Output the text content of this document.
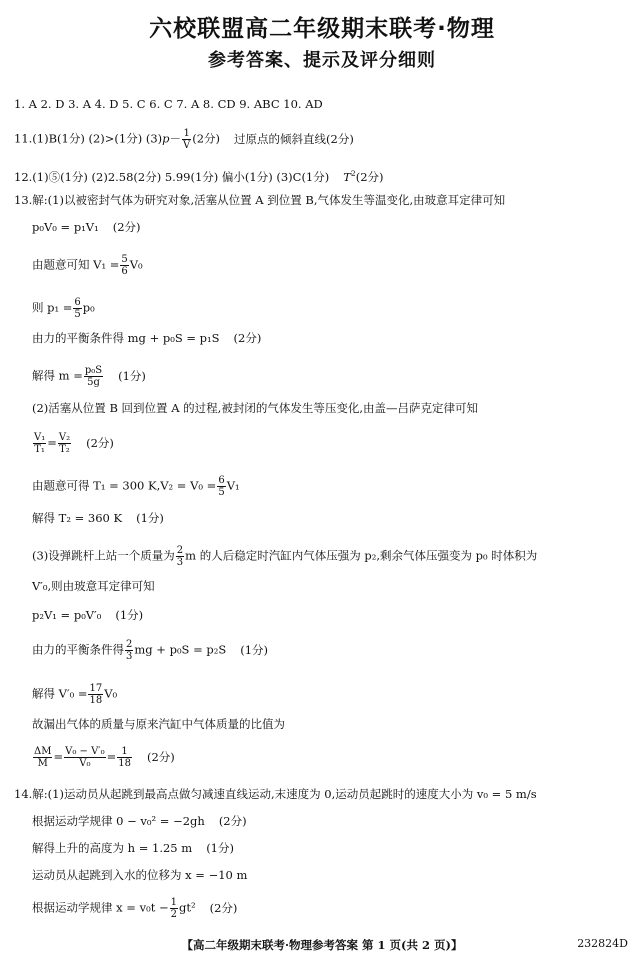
六校联盟高二年级期末联考·物理
参考答案、提示及评分细则
1. A 2. D 3. A 4. D 5. C 6. C 7. A 8. CD 9. ABC 10. AD
11.(1)B(1分) (2)>(1分) $(3)p- \frac{1}{V} (2$分) 过原点的倾斜直线(2分)
12.(1)⑤(1分) (2)2.58(2分) 5.99(1分) 偏小(1分) (3)C(1分) $T^2(2$分)
13.解:(1)以被密封气体为研究对象,活塞从位置 A 到位置 B,气体发生等温变化,由玻意耳定律可知
p₀V₀ = p₁V₁ (2分)
由题意可知 $V_1 = \frac{5}{6} V_0$
则 $p_1 = \frac{6}{5} p_0$
由力的平衡条件得 mg + p₀S = p₁S (2分)
解得 $m = \frac{\text{p₀S}}{5g} (1$分)
(2)活塞从位置 B 回到位置 A 的过程,被封闭的气体发生等压变化,由盖—吕萨克定律可知
$\frac{\text{V₁}}{\text{T₁}} = \frac{\text{V₂}}{\text{T₂}} (2$分)
由题意可得 T₁ = 300 $K,V_2 = V_0 = \frac{6}{5} V_1$
解得 T₂ = 360 K (1分)
(3)设弹跳杆上站一个质量为 $\frac{2}{3}$ m 的人后稳定时汽缸内气体压强为 p₂,剩余气体压强变为 p₀ 时体积为
V′₀,则由玻意耳定律可知
p₂V₁ = p₀V′₀ (1分)
由力的平衡条件得 $\frac{2}{3}$ mg + p₀S = p₂S (1分)
解得 $V'_0 = \frac{17}{18} V_0$
故漏出气体的质量与原来汽缸中气体质量的比值为
$\frac{\Delta M}{M} = \frac{\text{V₀ − V′₀}}{\text{V₀}} = \frac{1}{18} (2$分)
14.解:(1)运动员从起跳到最高点做匀减速直线运动,末速度为 0,运动员起跳时的速度大小为 v₀ = 5 m/s
根据运动学规律 0 − v₀² = −2gh (2分)
解得上升的高度为 h = 1.25 m (1分)
运动员从起跳到入水的位移为 x = −10 m
根据运动学规律 $x = v_0t - \frac{1}{2} gt^2$ (2分)
【高二年级期末联考·物理参考答案 第 1 页(共 2 页)】	232824D
